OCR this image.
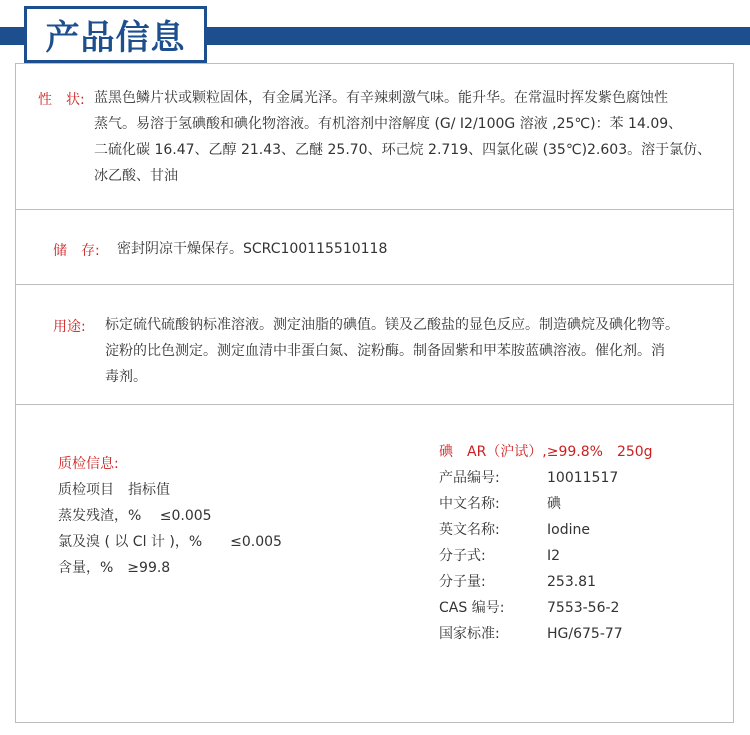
产品信息
性　状: 蓝黑色鳞片状或颗粒固体，有金属光泽。有辛辣刺激气味。能升华。在常温时挥发紫色腐蚀性
蒸气。易溶于氢碘酸和碘化物溶液。有机溶剂中溶解度 (G/ I2/100G 溶液 ,25℃)：苯 14.09、
二硫化碳 16.47、乙醇 21.43、乙醚 25.70、环己烷 2.719、四氯化碳 (35℃)2.603。溶于氯仿、
冰乙酸、甘油
储　存: 密封阴凉干燥保存。SCRC100115510118
用途: 标定硫代硫酸钠标准溶液。测定油脂的碘值。镁及乙酸盐的显色反应。制造碘烷及碘化物等。
淀粉的比色测定。测定血清中非蛋白氮、淀粉酶。制备固紫和甲苯胺蓝碘溶液。催化剂。消
毒剂。
质检信息:
质检项目　指标值
蒸发残渣，%　 ≤0.005
氯及溴 ( 以 Cl 计 )，%　　≤0.005
含量，%　≥99.8
碘　AR（沪试）,≥99.8%　250g
产品编号:	10011517
中文名称:	碘
英文名称:	Iodine
分子式:	I2
分子量:	253.81
CAS 编号:	7553-56-2
国家标准:	HG/675-77
